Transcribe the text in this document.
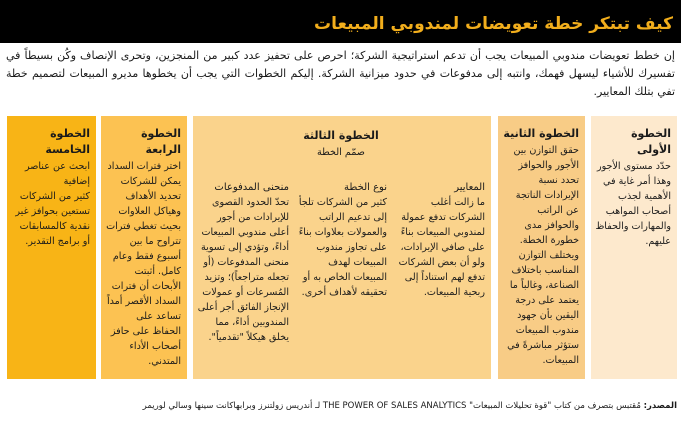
كيف تبتكر خطة تعويضات لمندوبي المبيعات
إن خطط تعويضات مندوبي المبيعات يجب أن تدعم استراتيجية الشركة؛ احرص على تحفيز عدد كبير من المنجزين، وتحرى الإنصاف وكُن بسيطاً في تفسيرك للأشياء ليسهل فهمك، وانتبه إلى مدفوعات في حدود ميزانية الشركة. إليكم الخطوات التي يجب أن يخطوها مديرو المبيعات لتصميم خطة تفي بتلك المعايير.
الخطوة الأولى
حدّد مستوى الأجور وهذا أمر غاية في الأهمية لجذب أصحاب المواهب والمهارات والحفاظ عليهم.
الخطوة الثانية
حقق التوازن بين الأجور والحوافز
تحدد نسبة الإيرادات الناتجة عن الراتب والحوافز مدى خطورة الخطة. ويختلف التوازن المناسب باختلاف الصناعة، وغالباً ما يعتمد على درجة اليقين بأن جهود مندوب المبيعات ستؤثر مباشرةً في المبيعات.
الخطوة الثالثة
صمّم الخطة
المعايير
ما زالت أغلب الشركات تدفع عمولة لمندوبي المبيعات بناءً على صافي الإيرادات، ولو أن بعض الشركات تدفع لهم استناداً إلى ربحية المبيعات.
نوع الخطة
كثير من الشركات تلجأ إلى تدعيم الراتب والعمولات بعلاوات بناءً على تجاوز مندوب المبيعات لهدف المبيعات الخاص به أو تحقيقه لأهداف أخرى.
منحنى المدفوعات
تحدّ الحدود القصوى للإيرادات من أجور أعلى مندوبي المبيعات أداءً، وتؤدي إلى تسوية منحنى المدفوعات (أو تجعله متراجعاً)؛ وتزيد المُسرعات أو عمولات الإنجاز الفائق أجر أعلى المندوبين أداءً، مما يخلق هيكلاً "تقدمياً".
الخطوة الرابعة
اختر فترات السداد يمكن للشركات تحديد الأهداف وهياكل العلاوات بحيث تغطي فترات تتراوح ما بين أسبوع فقط وعام كامل. أثبتت الأبحاث أن فترات السداد الأقصر أمداً تساعد على الحفاظ على حافز أصحاب الأداء المتدني.
الخطوة الخامسة
ابحث عن عناصر إضافية
كثير من الشركات تستعين بحوافز غير نقدية كالمسابقات أو برامج التقدير.
المصدر: مُقتبس بتصرف من كتاب "قوة تحليلات المبيعات" THE POWER OF SALES ANALYTICS لـ أندريس زولتنرز وبرابهاكانت سينها وسالي لوريمر
